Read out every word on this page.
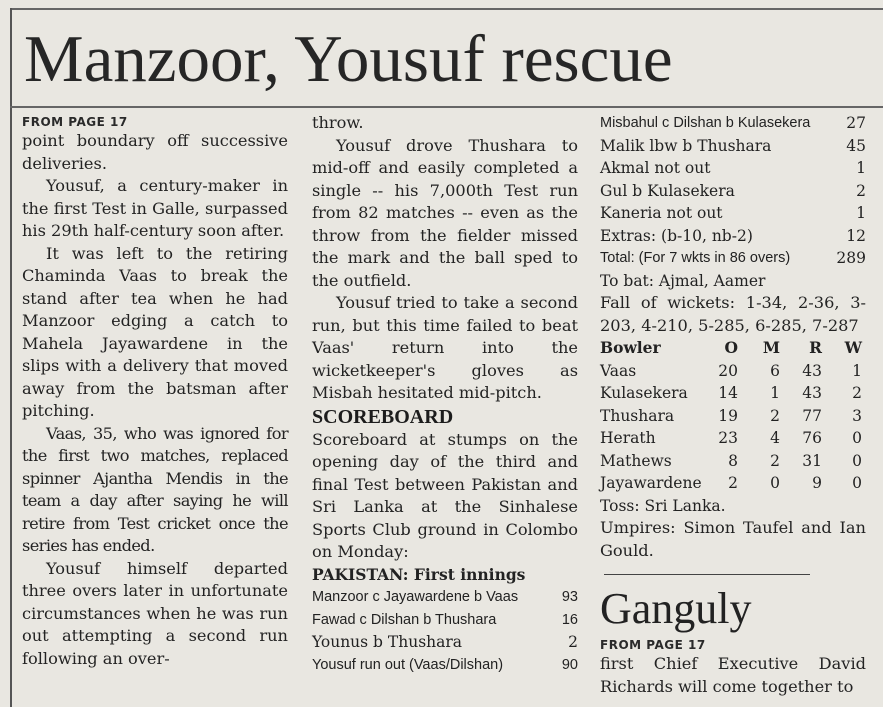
Manzoor, Yousuf rescue
FROM PAGE 17

point boundary off successive deliveries.

Yousuf, a century-maker in the first Test in Galle, surpassed his 29th half-century soon after.

It was left to the retiring Chaminda Vaas to break the stand after tea when he had Manzoor edging a catch to Mahela Jayawardene in the slips with a delivery that moved away from the batsman after pitching.

Vaas, 35, who was ignored for the first two matches, replaced spinner Ajantha Mendis in the team a day after saying he will retire from Test cricket once the series has ended.

Yousuf himself departed three overs later in unfortunate circumstances when he was run out attempting a second run following an over-

throw.

Yousuf drove Thushara to mid-off and easily completed a single -- his 7,000th Test run from 82 matches -- even as the throw from the fielder missed the mark and the ball sped to the outfield.

Yousuf tried to take a second run, but this time failed to beat Vaas' return into the wicketkeeper's gloves as Misbah hesitated mid-pitch.

SCOREBOARD

Scoreboard at stumps on the opening day of the third and final Test between Pakistan and Sri Lanka at the Sinhalese Sports Club ground in Colombo on Monday:

PAKISTAN: First innings
Manzoor c Jayawardene b Vaas	93
Fawad c Dilshan b Thushara	16
Younus b Thushara	2
Yousuf run out (Vaas/Dilshan)	90
Misbahul c Dilshan b Kulasekera 27
Malik lbw b Thushara	45
Akmal not out	1
Gul b Kulasekera	2
Kaneria not out	1
Extras: (b-10, nb-2)	12
Total: (For 7 wkts in 86 overs)	289
To bat: Ajmal, Aamer

Fall of wickets: 1-34, 2-36, 3-203, 4-210, 5-285, 6-285, 7-287

Bowler	O	M	R	W
Vaas	20	6	43	1
Kulasekera	14	1	43	2
Thushara	19	2	77	3
Herath	23	4	76	0
Mathews	8	2	31	0
Jayawardene	2	0	9	0
Toss: Sri Lanka.

Umpires: Simon Taufel and Ian Gould.

Ganguly
FROM PAGE 17

first Chief Executive David Richards will come together to
